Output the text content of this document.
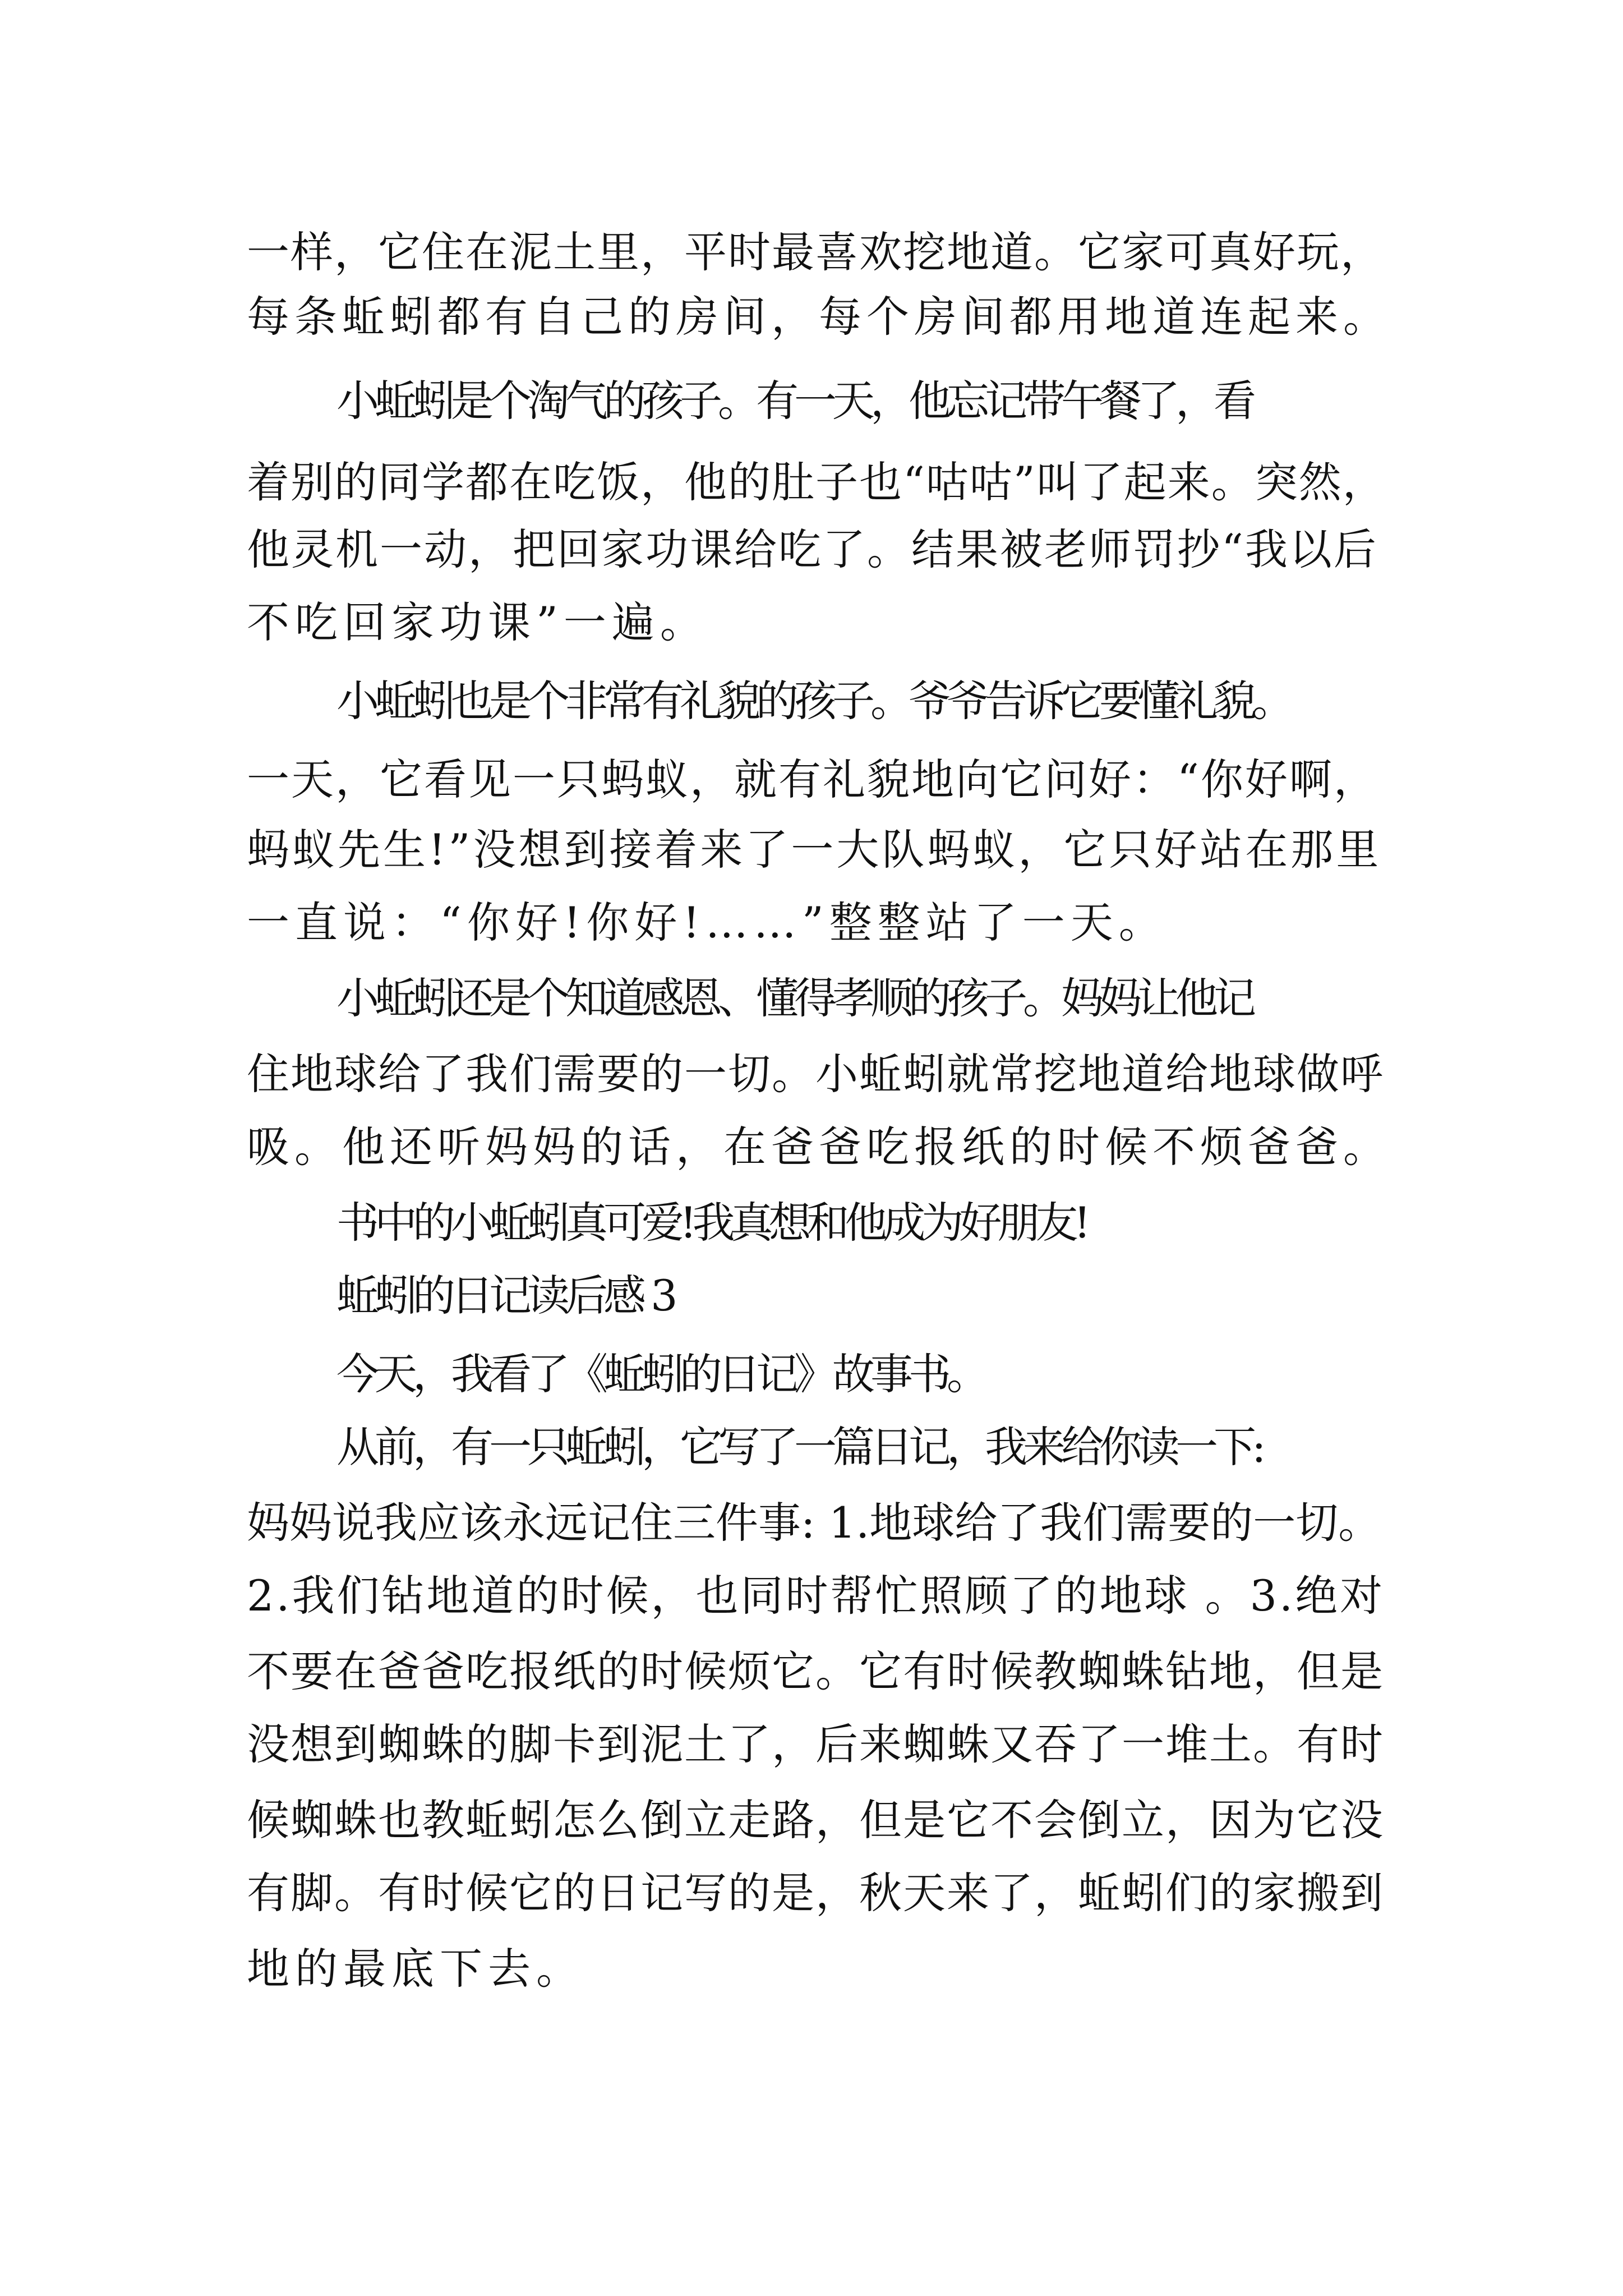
一样，它住在泥土里，平时最喜欢挖地道。它家可真好玩，

每条蚯蚓都有自己的房间，每个房间都用地道连起来。

小蚯蚓是个淘气的孩子。有一天，他忘记带午餐了，看

着别的同学都在吃饭，他的肚子也“咕咕”叫了起来。突然，

他灵机一动，把回家功课给吃了。结果被老师罚抄“我以后

不吃回家功课”一遍。

小蚯蚓也是个非常有礼貌的孩子。爷爷告诉它要懂礼貌。

一天，它看见一只蚂蚁，就有礼貌地向它问好：“你好啊，

蚂蚁先生!”没想到接着来了一大队蚂蚁，它只好站在那里

一直说：“你好!你好!……”整整站了一天。

小蚯蚓还是个知道感恩、懂得孝顺的孩子。妈妈让他记

住地球给了我们需要的一切。小蚯蚓就常挖地道给地球做呼

吸。他还听妈妈的话，在爸爸吃报纸的时候不烦爸爸。

书中的小蚯蚓真可爱!我真想和他成为好朋友!

蚯蚓的日记读后感 3

今天，我看了《蚯蚓的日记》故事书。

从前，有一只蚯蚓，它写了一篇日记，我来给你读一下:

妈妈说我应该永远记住三件事: 1.地球给了我们需要的一切。

2.我们钻地道的时候，也同时帮忙照顾了的地球 。3.绝对

不要在爸爸吃报纸的时候烦它。它有时候教蜘蛛钻地，但是

没想到蜘蛛的脚卡到泥土了，后来蜘蛛又吞了一堆土。有时

候蜘蛛也教蚯蚓怎么倒立走路，但是它不会倒立，因为它没

有脚。有时候它的日记写的是，秋天来了，蚯蚓们的家搬到

地的最底下去。
